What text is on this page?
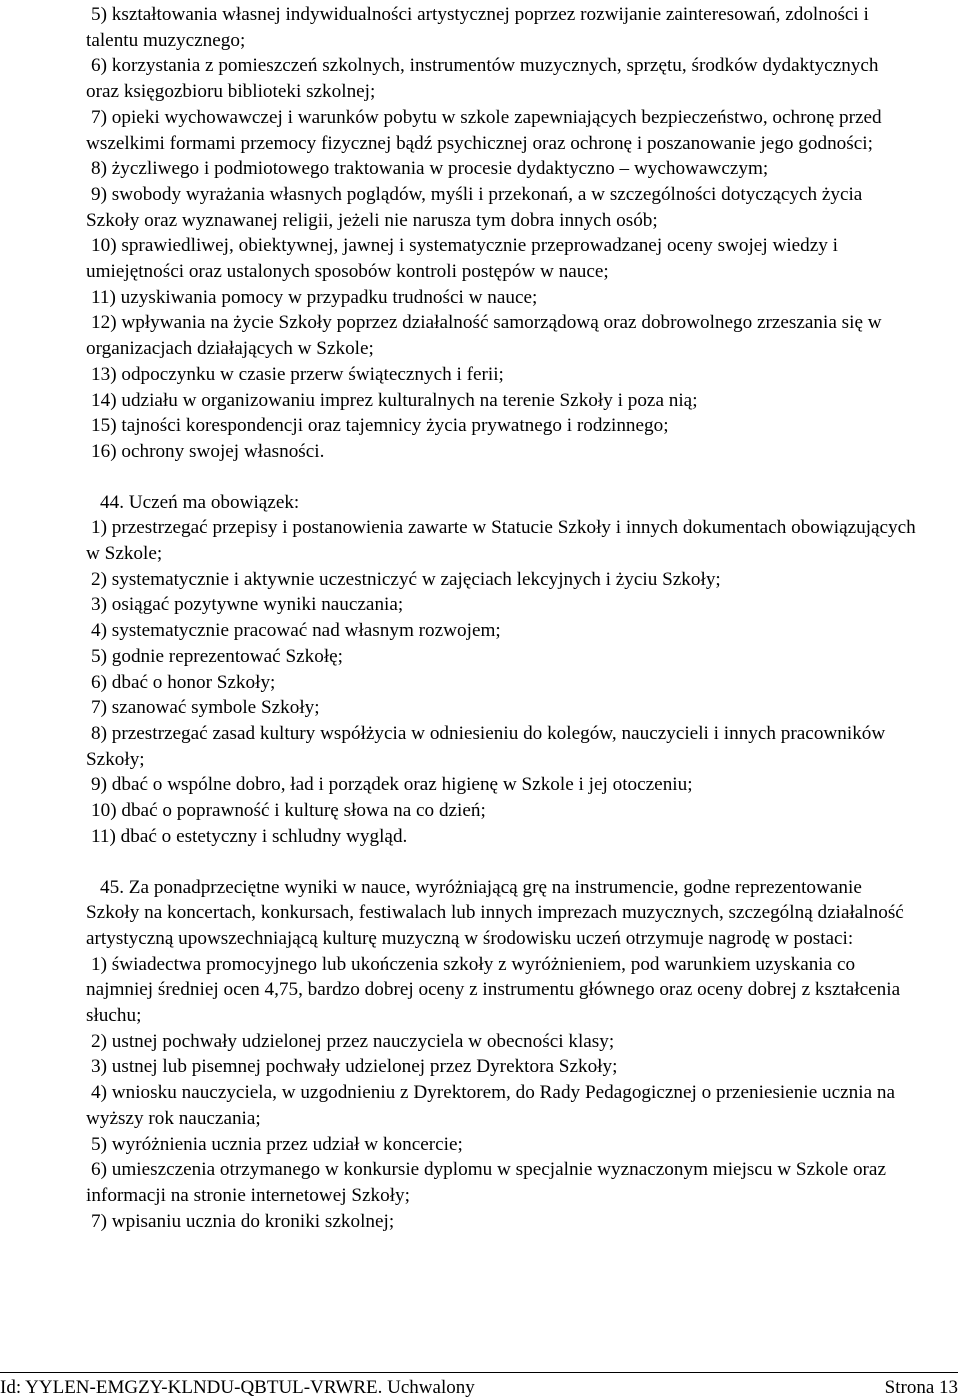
5) kształtowania własnej indywidualności artystycznej poprzez rozwijanie zainteresowań, zdolności i talentu muzycznego;

6) korzystania z pomieszczeń szkolnych, instrumentów muzycznych, sprzętu, środków dydaktycznych oraz księgozbioru biblioteki szkolnej;

7) opieki wychowawczej i warunków pobytu w szkole zapewniających bezpieczeństwo, ochronę przed wszelkimi formami przemocy fizycznej bądź psychicznej oraz ochronę i poszanowanie jego godności;

8) życzliwego i podmiotowego traktowania w procesie dydaktyczno – wychowawczym;

9) swobody wyrażania własnych poglądów, myśli i przekonań, a w szczególności dotyczących życia Szkoły oraz wyznawanej religii, jeżeli nie narusza tym dobra innych osób;

10) sprawiedliwej, obiektywnej, jawnej i systematycznie przeprowadzanej oceny swojej wiedzy i umiejętności oraz ustalonych sposobów kontroli postępów w nauce;

11) uzyskiwania pomocy w przypadku trudności w nauce;

12) wpływania na życie Szkoły poprzez działalność samorządową oraz dobrowolnego zrzeszania się w organizacjach działających w Szkole;

13) odpoczynku w czasie przerw świątecznych i ferii;

14) udziału w organizowaniu imprez kulturalnych na terenie Szkoły i poza nią;

15) tajności korespondencji oraz tajemnicy życia prywatnego i rodzinnego;

16) ochrony swojej własności.

44. Uczeń ma obowiązek:

1) przestrzegać przepisy i postanowienia zawarte w Statucie Szkoły i innych dokumentach obowiązujących w Szkole;

2) systematycznie i aktywnie uczestniczyć w zajęciach lekcyjnych i życiu Szkoły;

3) osiągać pozytywne wyniki nauczania;

4) systematycznie pracować nad własnym rozwojem;

5) godnie reprezentować Szkołę;

6) dbać o honor Szkoły;

7) szanować symbole Szkoły;

8) przestrzegać zasad kultury współżycia w odniesieniu do kolegów, nauczycieli i innych pracowników Szkoły;

9) dbać o wspólne dobro, ład i porządek oraz higienę w Szkole i jej otoczeniu;

10) dbać o poprawność i kulturę słowa na co dzień;

11) dbać o estetyczny i schludny wygląd.

45. Za ponadprzeciętne wyniki w nauce, wyróżniającą grę na instrumencie, godne reprezentowanie Szkoły na koncertach, konkursach, festiwalach lub innych imprezach muzycznych, szczególną działalność artystyczną upowszechniającą kulturę muzyczną w środowisku uczeń otrzymuje nagrodę w postaci:

1) świadectwa promocyjnego lub ukończenia szkoły z wyróżnieniem, pod warunkiem uzyskania co najmniej średniej ocen 4,75, bardzo dobrej oceny z instrumentu głównego oraz oceny dobrej z kształcenia słuchu;

2) ustnej pochwały udzielonej przez nauczyciela w obecności klasy;

3) ustnej lub pisemnej pochwały udzielonej przez Dyrektora Szkoły;

4) wniosku nauczyciela, w uzgodnieniu z Dyrektorem, do Rady Pedagogicznej o przeniesienie ucznia na wyższy rok nauczania;

5) wyróżnienia ucznia przez udział w koncercie;

6) umieszczenia otrzymanego w konkursie dyplomu w specjalnie wyznaczonym miejscu w Szkole oraz informacji na stronie internetowej Szkoły;

7) wpisaniu ucznia do kroniki szkolnej;

Id: YYLEN-EMGZY-KLNDU-QBTUL-VRWRE. Uchwalony	Strona 13
